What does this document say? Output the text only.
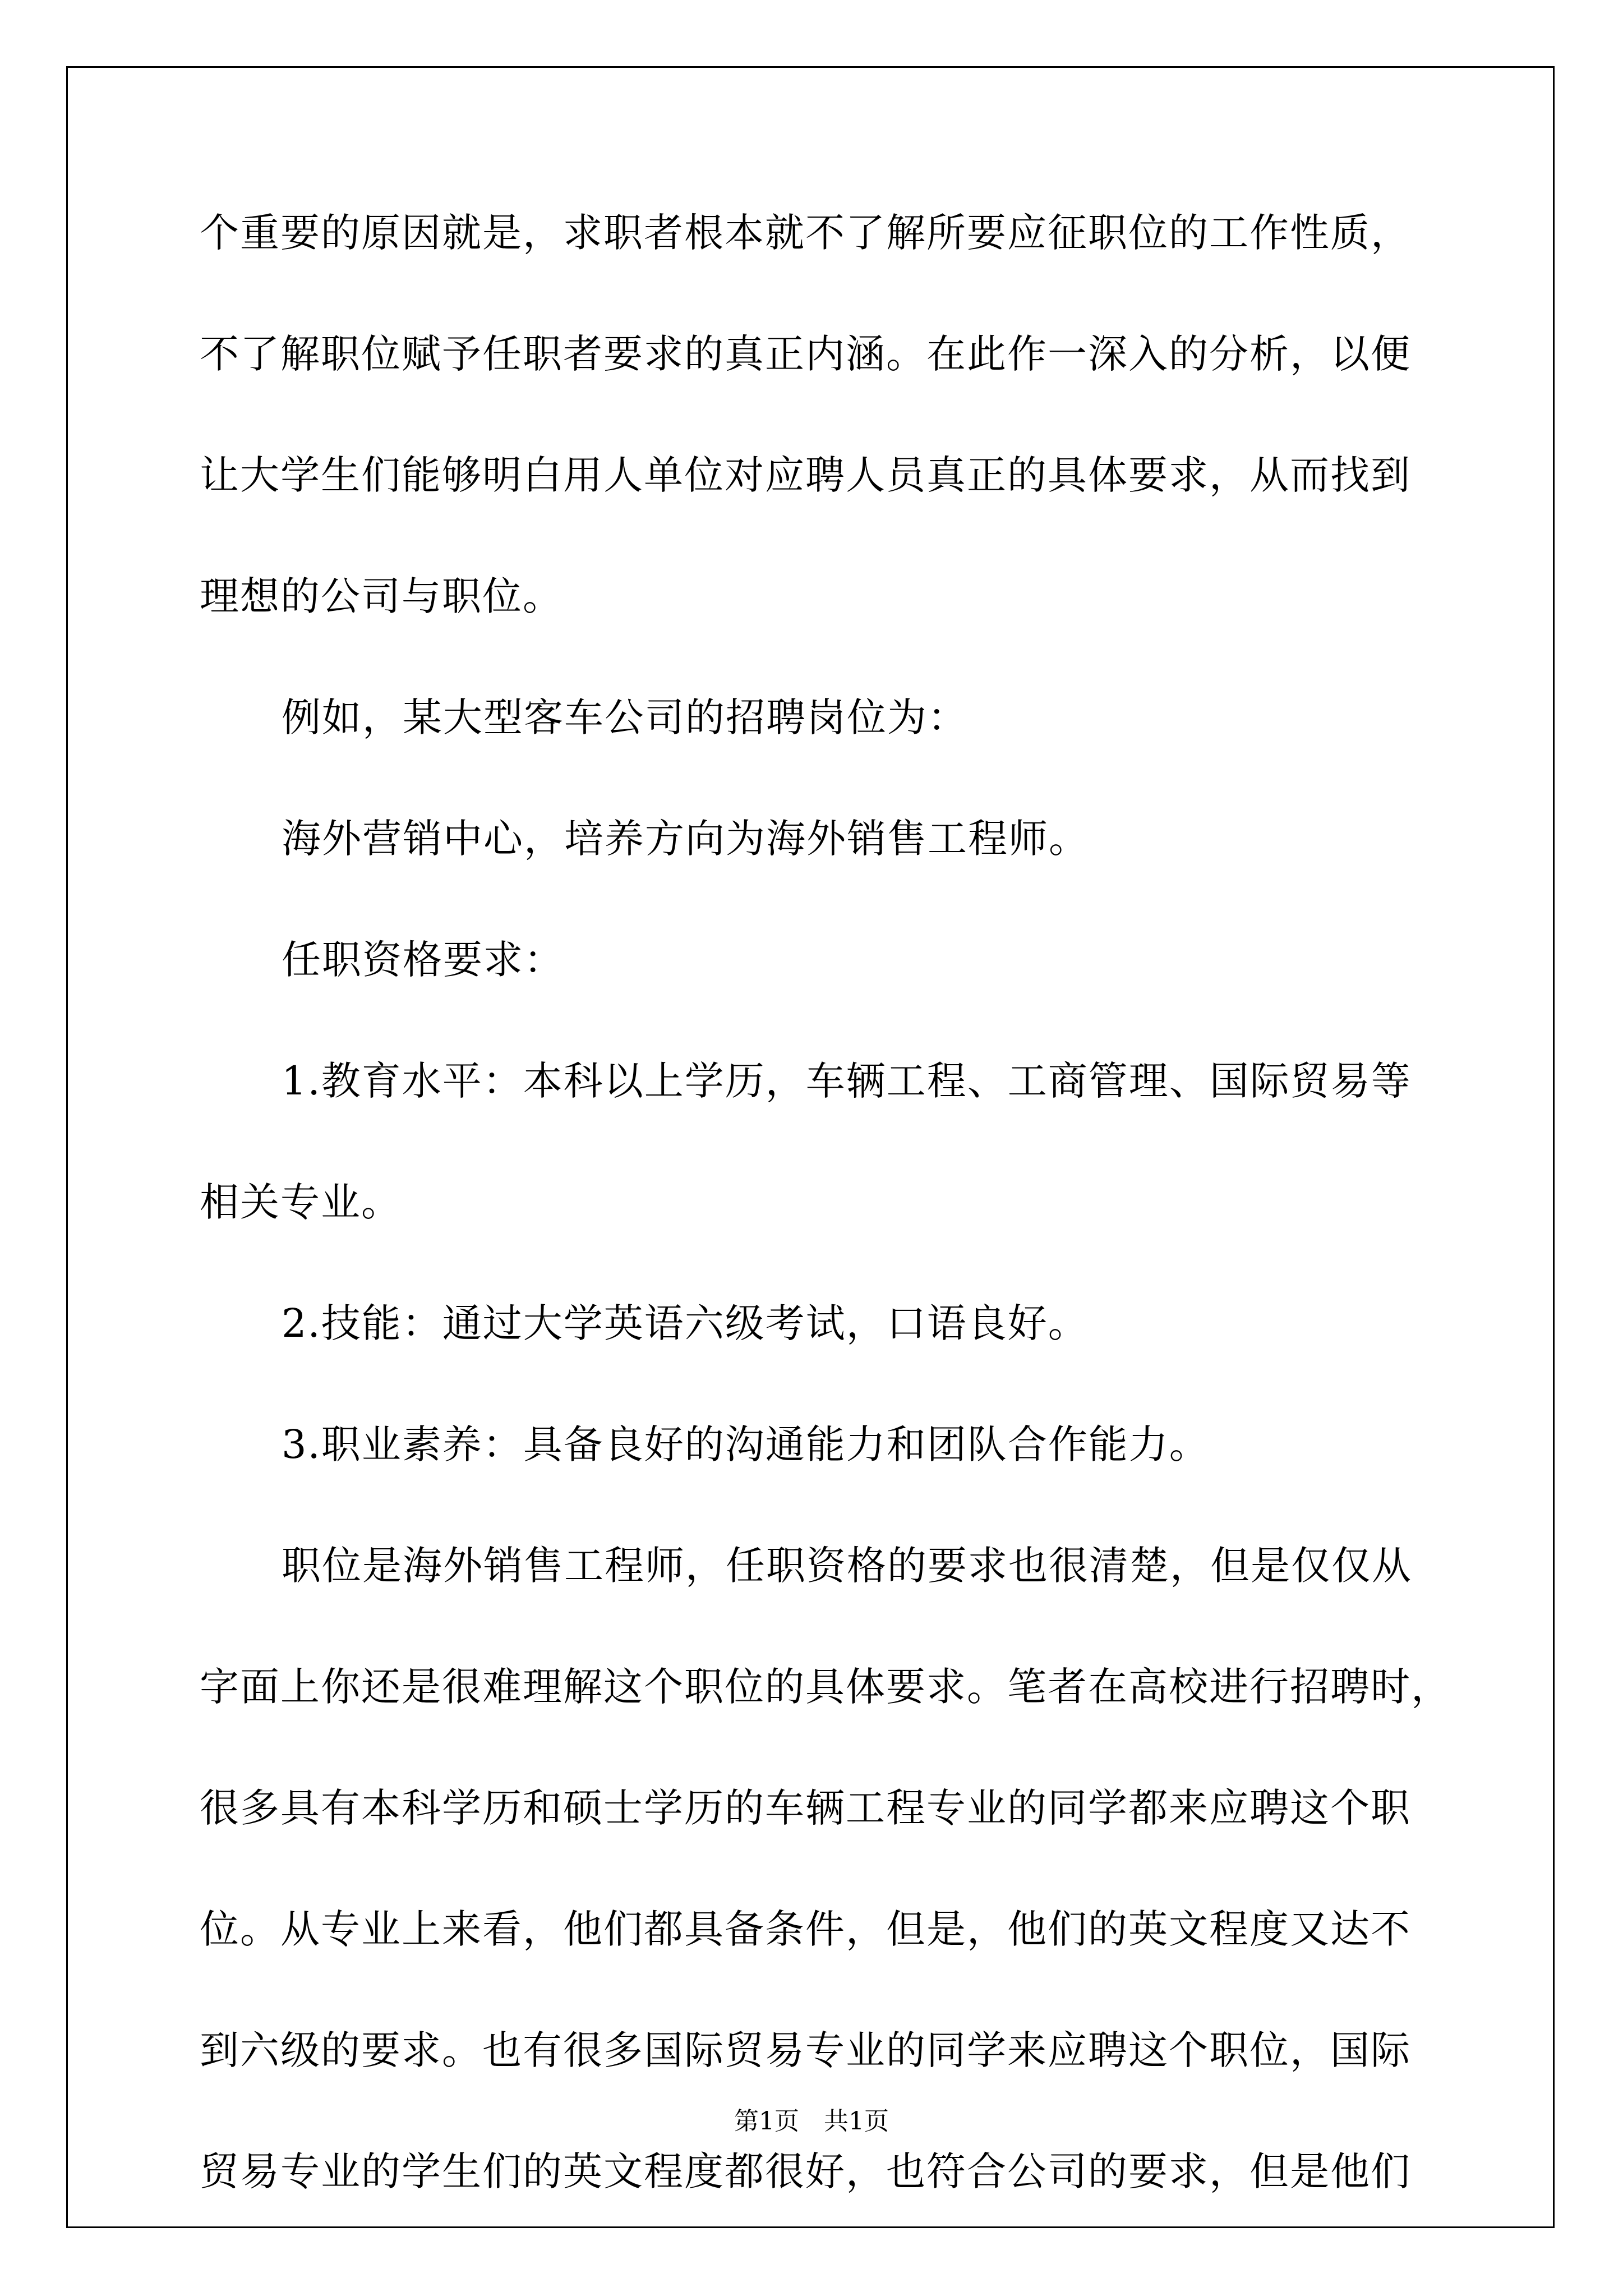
个重要的原因就是，求职者根本就不了解所要应征职位的工作性质，
不了解职位赋予任职者要求的真正内涵。在此作一深入的分析，以便
让大学生们能够明白用人单位对应聘人员真正的具体要求，从而找到
理想的公司与职位。
例如，某大型客车公司的招聘岗位为：
海外营销中心，培养方向为海外销售工程师。
任职资格要求：
1.教育水平：本科以上学历，车辆工程、工商管理、国际贸易等
相关专业。
2.技能：通过大学英语六级考试，口语良好。
3.职业素养：具备良好的沟通能力和团队合作能力。
职位是海外销售工程师，任职资格的要求也很清楚，但是仅仅从
字面上你还是很难理解这个职位的具体要求。笔者在高校进行招聘时，
很多具有本科学历和硕士学历的车辆工程专业的同学都来应聘这个职
位。从专业上来看，他们都具备条件，但是，他们的英文程度又达不
到六级的要求。也有很多国际贸易专业的同学来应聘这个职位，国际
贸易专业的学生们的英文程度都很好，也符合公司的要求，但是他们
第1页　共1页
